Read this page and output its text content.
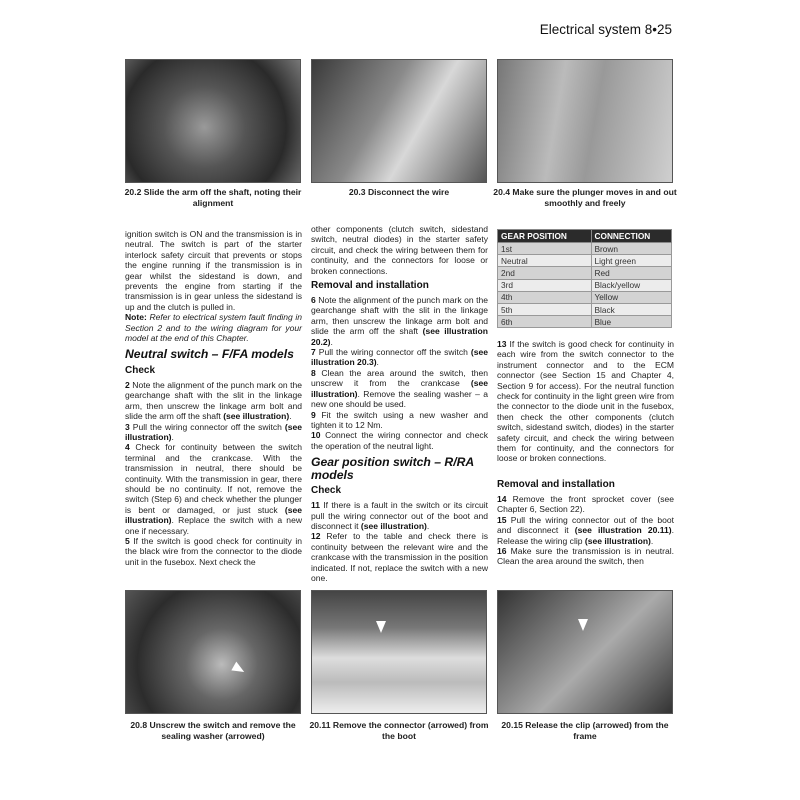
Electrical system 8•25
20.2 Slide the arm off the shaft, noting their alignment
20.3 Disconnect the wire	20.4 Make sure the plunger moves in and out smoothly and freely

ignition switch is ON and the transmission is in neutral. The switch is part of the starter interlock safety circuit that prevents or stops the engine running if the transmission is in gear whilst the sidestand is down, and prevents the engine from starting if the transmission is in gear unless the sidestand is up and the clutch is pulled in.

Note: Refer to electrical system fault finding in Section 2 and to the wiring diagram for your model at the end of this Chapter.

Neutral switch – F/FA models
Check

2 Note the alignment of the punch mark on the gearchange shaft with the slit in the linkage arm, then unscrew the linkage arm bolt and slide the arm off the shaft (see illustration).

3 Pull the wiring connector off the switch (see illustration).

4 Check for continuity between the switch terminal and the crankcase. With the transmission in neutral, there should be continuity. With the transmission in gear, there should be no continuity. If not, remove the switch (Step 6) and check whether the plunger is bent or damaged, or just stuck (see illustration). Replace the switch with a new one if necessary.

5 If the switch is good check for continuity in the black wire from the connector to the diode unit in the fusebox. Next check the

other components (clutch switch, sidestand switch, neutral diodes) in the starter safety circuit, and check the wiring between them for continuity, and the connectors for loose or broken connections.

Removal and installation

6 Note the alignment of the punch mark on the gearchange shaft with the slit in the linkage arm, then unscrew the linkage arm bolt and slide the arm off the shaft (see illustration 20.2).

7 Pull the wiring connector off the switch (see illustration 20.3).

8 Clean the area around the switch, then unscrew it from the crankcase (see illustration). Remove the sealing washer – a new one should be used.

9 Fit the switch using a new washer and tighten it to 12 Nm.

10 Connect the wiring connector and check the operation of the neutral light.

Gear position switch – R/RA models
Check

11 If there is a fault in the switch or its circuit pull the wiring connector out of the boot and disconnect it (see illustration).

12 Refer to the table and check there is continuity between the relevant wire and the crankcase with the transmission in the position indicated. If not, replace the switch with a new one.

13 If the switch is good check for continuity in each wire from the switch connector to the instrument connector and to the ECM connector (see Section 15 and Chapter 4, Section 9 for access). For the neutral function check for continuity in the light green wire from the connector to the diode unit in the fusebox, then check the other components (clutch switch, sidestand switch, diodes) in the starter safety circuit, and check the wiring between them for continuity, and the connectors for loose or broken connections.

Removal and installation

14 Remove the front sprocket cover (see Chapter 6, Section 22).

15 Pull the wiring connector out of the boot and disconnect it (see illustration 20.11). Release the wiring clip (see illustration).

16 Make sure the transmission is in neutral. Clean the area around the switch, then

GEAR POSITION	CONNECTION
1st	Brown
Neutral	Light green
2nd	Red
3rd	Black/yellow
4th	Yellow
5th	Black
6th	Blue
20.8 Unscrew the switch and remove the sealing washer (arrowed)
20.11 Remove the connector (arrowed) from the boot
20.15 Release the clip (arrowed) from the frame
